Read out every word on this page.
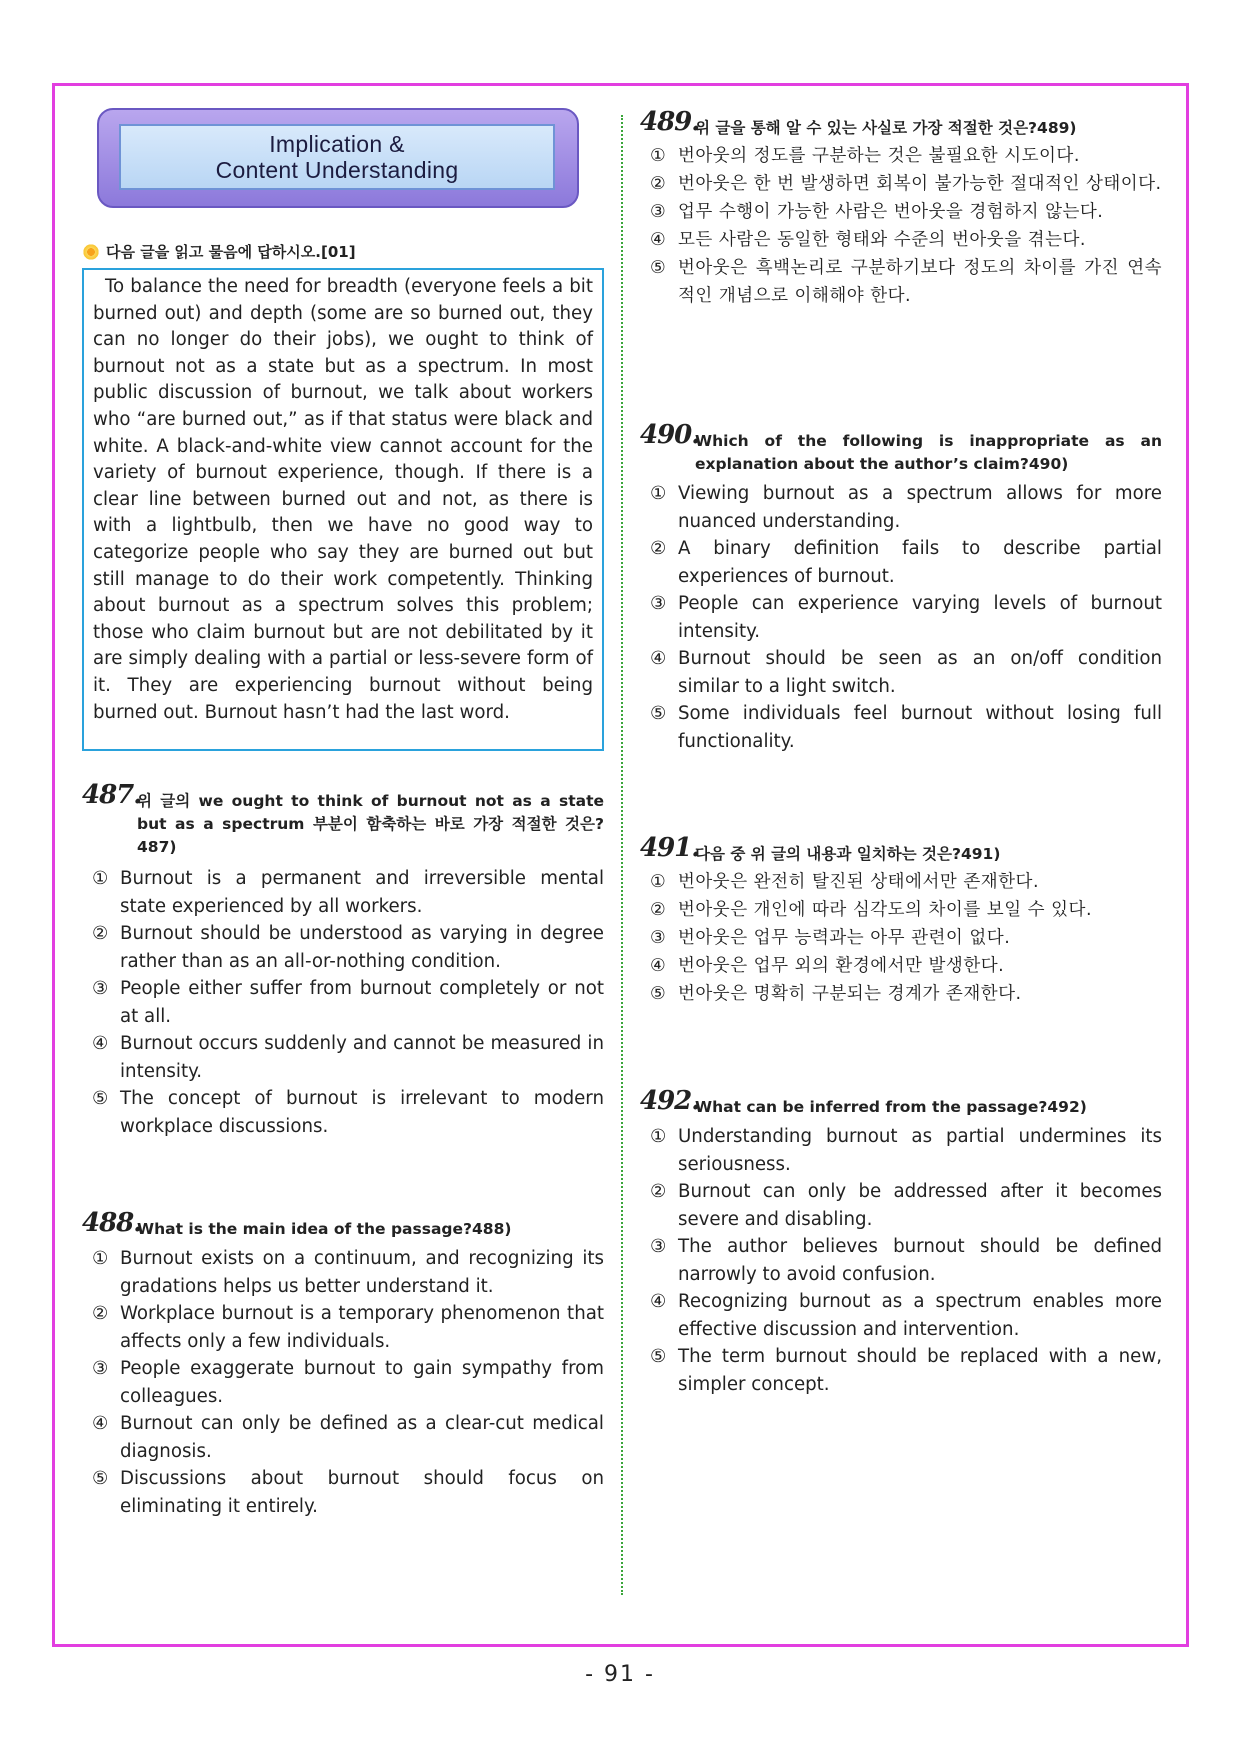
Implication &
Content Understanding
다음 글을 읽고 물음에 답하시오.[01]
To balance the need for breadth (everyone feels a bit burned out) and depth (some are so burned out, they can no longer do their jobs), we ought to think of burnout not as a state but as a spectrum. In most public discussion of burnout, we talk about workers who “are burned out,” as if that status were black and white. A black-and-white view cannot account for the variety of burnout experience, though. If there is a clear line between burned out and not, as there is with a lightbulb, then we have no good way to categorize people who say they are burned out but still manage to do their work competently. Thinking about burnout as a spectrum solves this problem; those who claim burnout but are not debilitated by it are simply dealing with a partial or less-severe form of it. They are experiencing burnout without being burned out. Burnout hasn’t had the last word.
487.
위 글의 we ought to think of burnout not as a state but as a spectrum 부분이 함축하는 바로 가장 적절한 것은?487)
① Burnout is a permanent and irreversible mental state experienced by all workers.
② Burnout should be understood as varying in degree rather than as an all-or-nothing condition.
③ People either suffer from burnout completely or not at all.
④ Burnout occurs suddenly and cannot be measured in intensity.
⑤ The concept of burnout is irrelevant to modern workplace discussions.
488.
What is the main idea of the passage?488)
① Burnout exists on a continuum, and recognizing its gradations helps us better understand it.
② Workplace burnout is a temporary phenomenon that affects only a few individuals.
③ People exaggerate burnout to gain sympathy from colleagues.
④ Burnout can only be defined as a clear-cut medical diagnosis.
⑤ Discussions about burnout should focus on eliminating it entirely.
489.
위 글을 통해 알 수 있는 사실로 가장 적절한 것은?489)
① 번아웃의 정도를 구분하는 것은 불필요한 시도이다.
② 번아웃은 한 번 발생하면 회복이 불가능한 절대적인 상태이다.
③ 업무 수행이 가능한 사람은 번아웃을 경험하지 않는다.
④ 모든 사람은 동일한 형태와 수준의 번아웃을 겪는다.
⑤ 번아웃은 흑백논리로 구분하기보다 정도의 차이를 가진 연속적인 개념으로 이해해야 한다.
490.
Which of the following is inappropriate as an explanation about the author’s claim?490)
① Viewing burnout as a spectrum allows for more nuanced understanding.
② A binary definition fails to describe partial experiences of burnout.
③ People can experience varying levels of burnout intensity.
④ Burnout should be seen as an on/off condition similar to a light switch.
⑤ Some individuals feel burnout without losing full functionality.
491.
다음 중 위 글의 내용과 일치하는 것은?491)
① 번아웃은 완전히 탈진된 상태에서만 존재한다.
② 번아웃은 개인에 따라 심각도의 차이를 보일 수 있다.
③ 번아웃은 업무 능력과는 아무 관련이 없다.
④ 번아웃은 업무 외의 환경에서만 발생한다.
⑤ 번아웃은 명확히 구분되는 경계가 존재한다.
492.
What can be inferred from the passage?492)
① Understanding burnout as partial undermines its seriousness.
② Burnout can only be addressed after it becomes severe and disabling.
③ The author believes burnout should be defined narrowly to avoid confusion.
④ Recognizing burnout as a spectrum enables more effective discussion and intervention.
⑤ The term burnout should be replaced with a new, simpler concept.
- 91 -
